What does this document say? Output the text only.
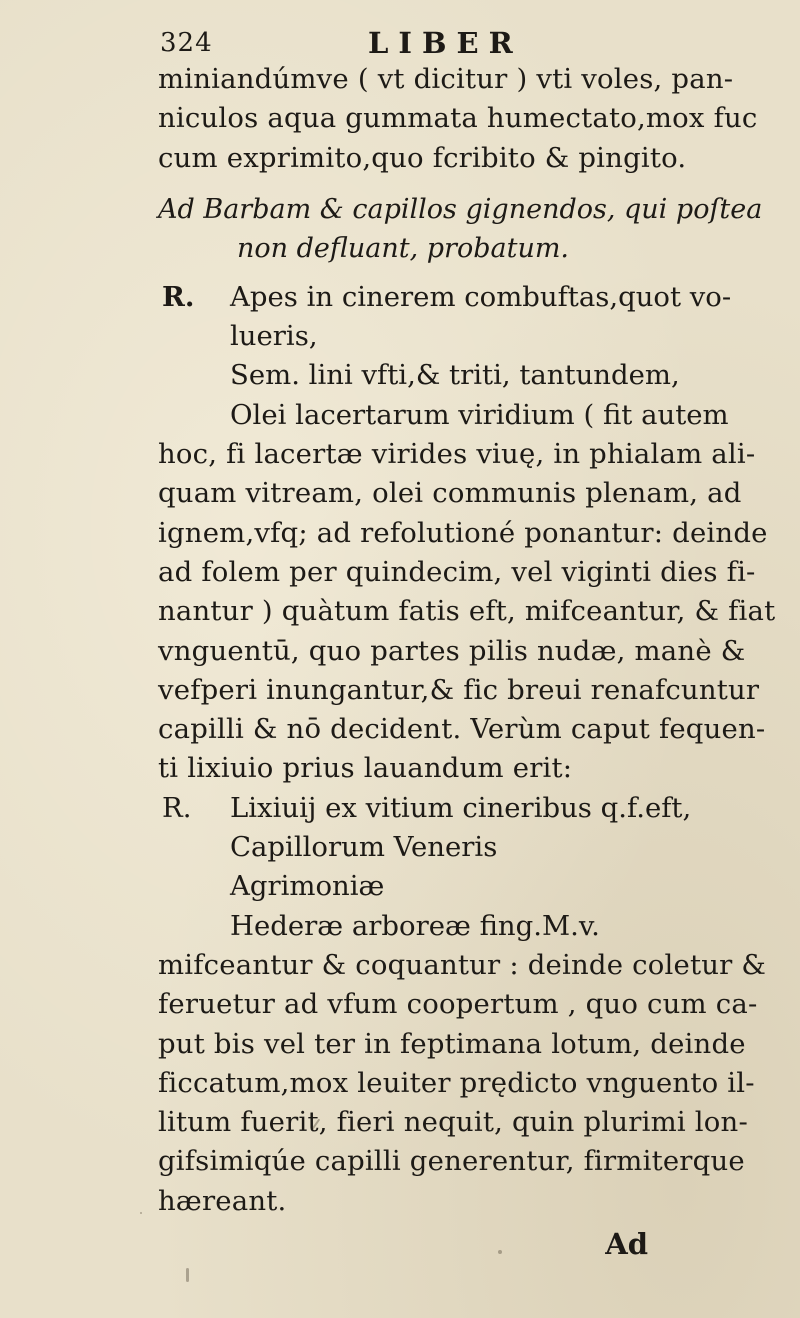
324	LIBER
miniandúmve ( vt dicitur ) vti voles, pan-
niculos aqua gummata humectato,mox fuc
cum exprimito,quo fcribito & pingito.
Ad Barbam & capillos gignendos, qui poſtea
non defluant, probatum.
R. Apes in cinerem combuftas,quot vo-
lueris,
Sem. lini vfti,& triti, tantundem,
Olei lacertarum viridium ( fit autem
hoc, fi lacertæ virides viuę, in phialam ali-
quam vitream, olei communis plenam, ad
ignem,vfq; ad refolutioné ponantur: deinde
ad folem per quindecim, vel viginti dies fi-
nantur ) quàtum fatis eft, mifceantur, & fiat
vnguentū, quo partes pilis nudæ, manè &
vefperi inungantur,& fic breui renafcuntur
capilli & nō decident. Verùm caput fequen-
ti lixiuio prius lauandum erit:
R. Lixiuij ex vitium cineribus q.f.eft,
Capillorum Veneris
Agrimoniæ
Hederæ arboreæ fing.M.v.
mifceantur & coquantur : deinde coletur &
feruetur ad vfum coopertum , quo cum ca-
put bis vel ter in feptimana lotum, deinde
ficcatum,mox leuiter prędicto vnguento il-
litum fuerit, fieri nequit, quin plurimi lon-
gifsimiqúe capilli generentur, firmiterque
hæreant.
Ad
